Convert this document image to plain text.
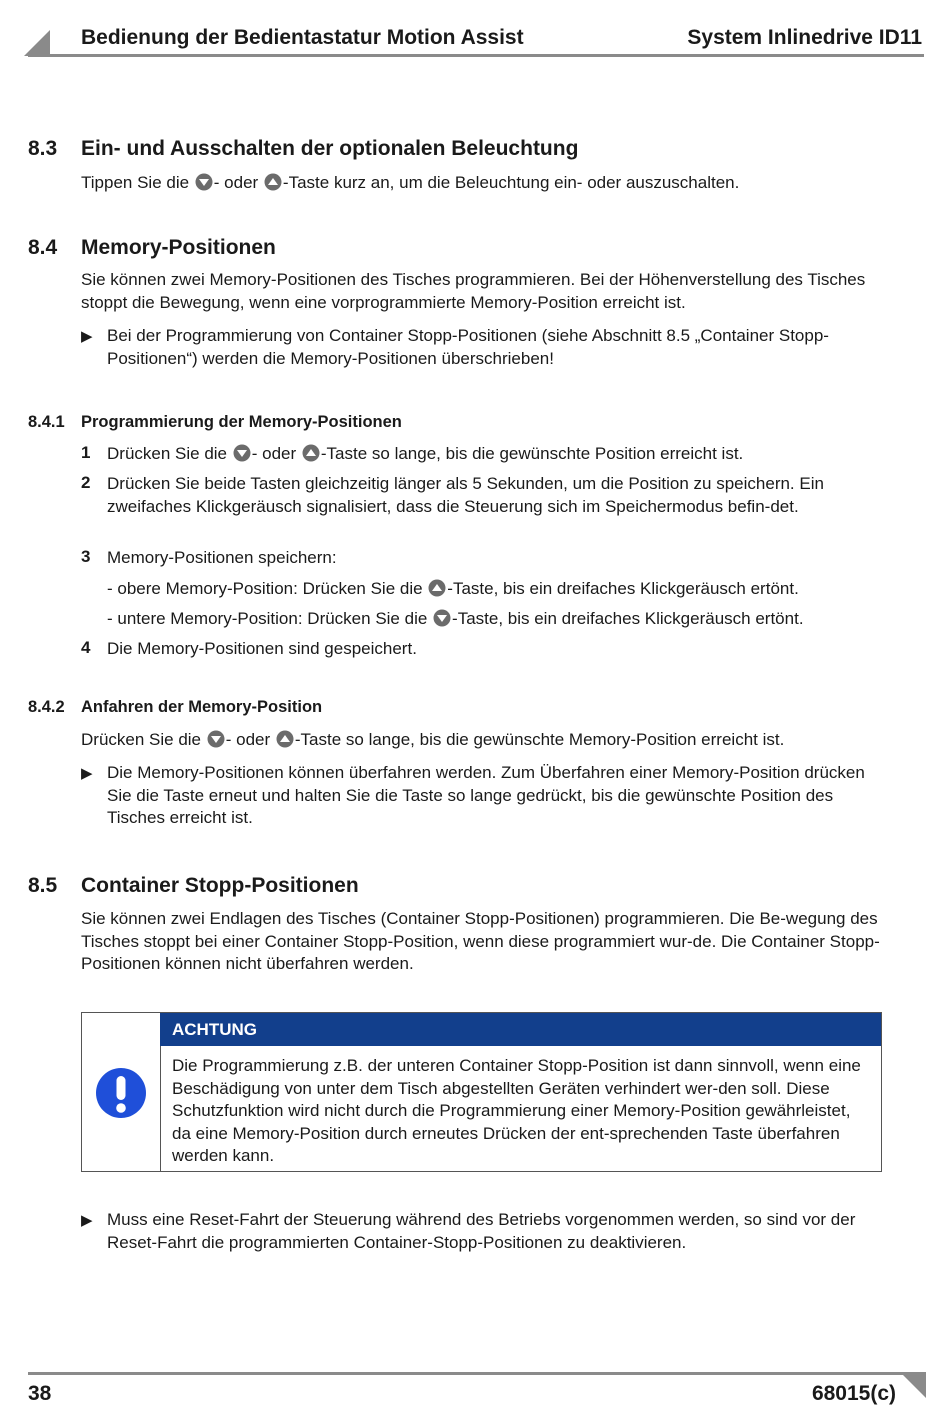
Bedienung der Bedientastatur Motion Assist	System Inlinedrive ID11
8.3 Ein- und Ausschalten der optionalen Beleuchtung
Tippen Sie die
- oder
-Taste kurz an, um die Beleuchtung ein- oder auszuschalten.
8.4 Memory-Positionen
Sie können zwei Memory-Positionen des Tisches programmieren. Bei der Höhenverstellung des Tisches stoppt die Bewegung, wenn eine vorprogrammierte Memory-Position erreicht ist.
▶ Bei der Programmierung von Container Stopp-Positionen (siehe Abschnitt 8.5 „Container Stopp-Positionen“) werden die Memory-Positionen überschrieben!
8.4.1 Programmierung der Memory-Positionen
1 Drücken Sie die
- oder
-Taste so lange, bis die gewünschte Position erreicht ist.
2 Drücken Sie beide Tasten gleichzeitig länger als 5 Sekunden, um die Position zu speichern. Ein zweifaches Klickgeräusch signalisiert, dass die Steuerung sich im Speichermodus befin-det.
3 Memory-Positionen speichern:
- obere Memory-Position: Drücken Sie die
-Taste, bis ein dreifaches Klickgeräusch ertönt.
- untere Memory-Position: Drücken Sie die
-Taste, bis ein dreifaches Klickgeräusch ertönt.
4 Die Memory-Positionen sind gespeichert.
8.4.2 Anfahren der Memory-Position
Drücken Sie die
- oder
-Taste so lange, bis die gewünschte Memory-Position erreicht ist.
▶ Die Memory-Positionen können überfahren werden. Zum Überfahren einer Memory-Position drücken Sie die Taste erneut und halten Sie die Taste so lange gedrückt, bis die gewünschte Position des Tisches erreicht ist.
8.5 Container Stopp-Positionen
Sie können zwei Endlagen des Tisches (Container Stopp-Positionen) programmieren. Die Be-wegung des Tisches stoppt bei einer Container Stopp-Position, wenn diese programmiert wur-de. Die Container Stopp-Positionen können nicht überfahren werden.
ACHTUNG
Die Programmierung z.B. der unteren Container Stopp-Position ist dann sinnvoll, wenn eine Beschädigung von unter dem Tisch abgestellten Geräten verhindert wer-den soll. Diese Schutzfunktion wird nicht durch die Programmierung einer Memory-Position gewährleistet, da eine Memory-Position durch erneutes Drücken der ent-sprechenden Taste überfahren werden kann.
▶ Muss eine Reset-Fahrt der Steuerung während des Betriebs vorgenommen werden, so sind vor der Reset-Fahrt die programmierten Container-Stopp-Positionen zu deaktivieren.
38	68015(c)
